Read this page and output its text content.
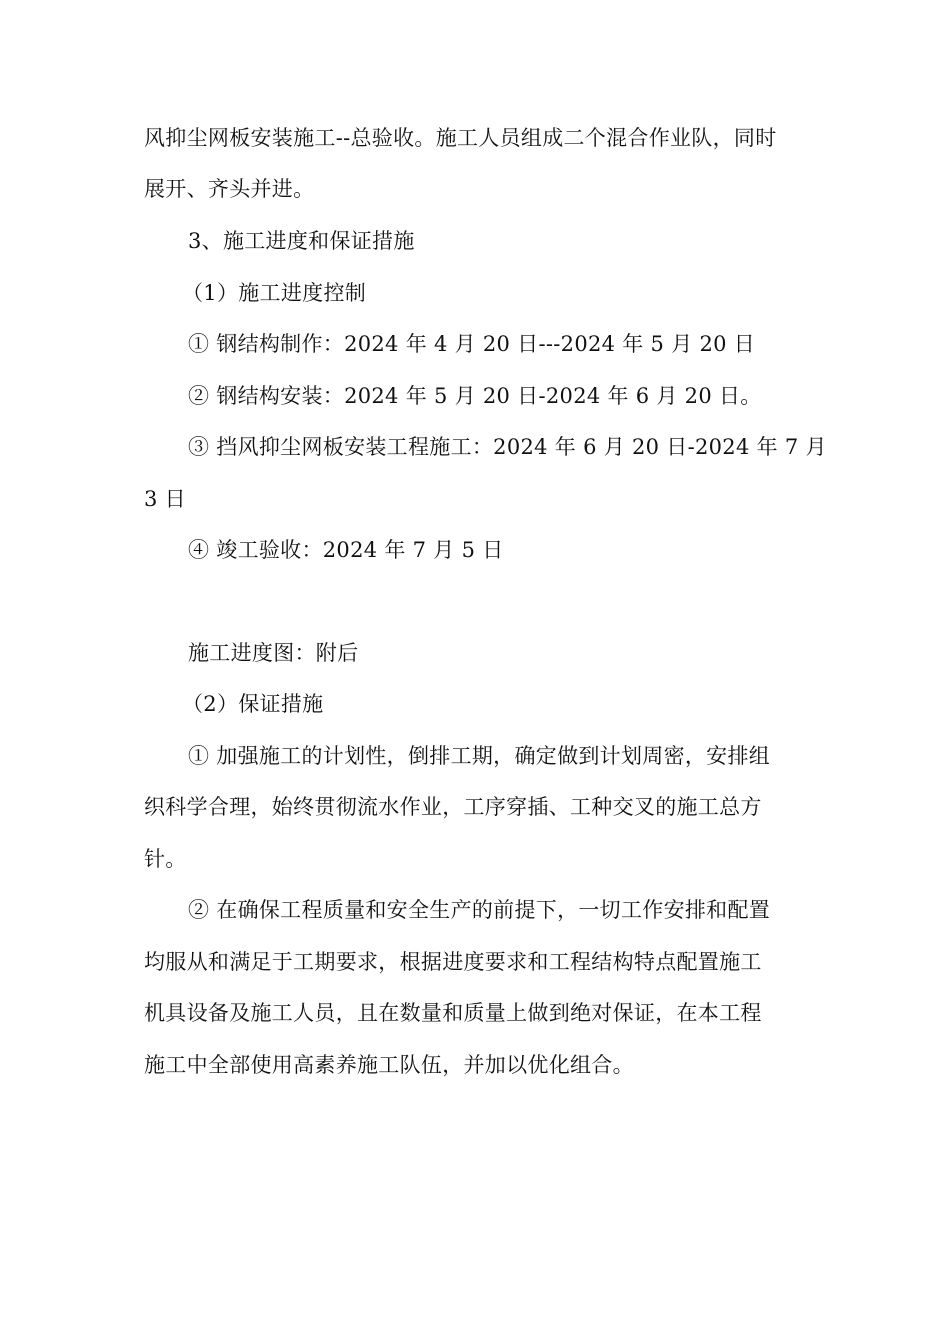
风抑尘网板安装施工--总验收。施工人员组成二个混合作业队，同时
展开、齐头并进。
3、施工进度和保证措施
（1）施工进度控制
① 钢结构制作：2024 年 4 月 20 日---2024 年 5 月 20 日
② 钢结构安装：2024 年 5 月 20 日-2024 年 6 月 20 日。
③ 挡风抑尘网板安装工程施工：2024 年 6 月 20 日-2024 年 7 月
3 日
④ 竣工验收：2024 年 7 月 5 日
施工进度图：附后
（2）保证措施
① 加强施工的计划性，倒排工期，确定做到计划周密，安排组
织科学合理，始终贯彻流水作业，工序穿插、工种交叉的施工总方
针。
② 在确保工程质量和安全生产的前提下，一切工作安排和配置
均服从和满足于工期要求，根据进度要求和工程结构特点配置施工
机具设备及施工人员，且在数量和质量上做到绝对保证，在本工程
施工中全部使用高素养施工队伍，并加以优化组合。
